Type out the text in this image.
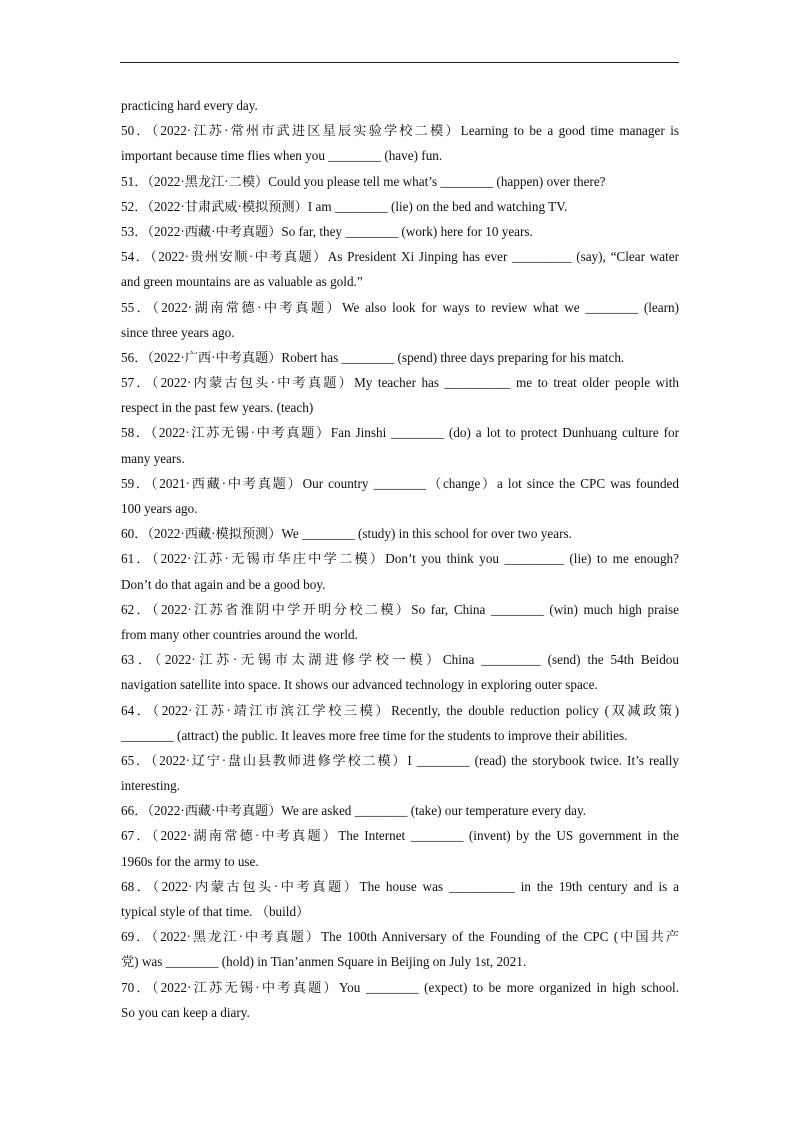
practicing hard every day.
50．（2022·江苏·常州市武进区星辰实验学校二模）Learning to be a good time manager is
important because time flies when you ________ (have) fun.
51．（2022·黑龙江·二模）Could you please tell me what’s ________ (happen) over there?
52．（2022·甘肃武威·模拟预测）I am ________ (lie) on the bed and watching TV.
53．（2022·西藏·中考真题）So far, they ________ (work) here for 10 years.
54．（2022·贵州安顺·中考真题）As President Xi Jinping has ever _________ (say), “Clear water
and green mountains are as valuable as gold.”
55．（2022·湖南常德·中考真题）We also look for ways to review what we ________ (learn)
since three years ago.
56．（2022·广西·中考真题）Robert has ________ (spend) three days preparing for his match.
57．（2022·内蒙古包头·中考真题）My teacher has __________ me to treat older people with
respect in the past few years. (teach)
58．（2022·江苏无锡·中考真题）Fan Jinshi ________ (do) a lot to protect Dunhuang culture for
many years.
59．（2021·西藏·中考真题）Our country ________（change）a lot since the CPC was founded
100 years ago.
60．（2022·西藏·模拟预测）We ________ (study) in this school for over two years.
61．（2022·江苏·无锡市华庄中学二模）Don’t you think you _________ (lie) to me enough?
Don’t do that again and be a good boy.
62．（2022·江苏省淮阴中学开明分校二模）So far, China ________ (win) much high praise
from many other countries around the world.
63．（2022·江苏·无锡市太湖进修学校一模）China _________ (send) the 54th Beidou
navigation satellite into space. It shows our advanced technology in exploring outer space.
64．（2022·江苏·靖江市滨江学校三模）Recently, the double reduction policy (双减政策)
________ (attract) the public. It leaves more free time for the students to improve their abilities.
65．（2022·辽宁·盘山县教师进修学校二模）I ________ (read) the storybook twice. It’s really
interesting.
66．（2022·西藏·中考真题）We are asked ________ (take) our temperature every day.
67．（2022·湖南常德·中考真题）The Internet ________ (invent) by the US government in the
1960s for the army to use.
68．（2022·内蒙古包头·中考真题）The house was __________ in the 19th century and is a
typical style of that time. （build）
69．（2022·黑龙江·中考真题）The 100th Anniversary of the Founding of the CPC (中国共产
党) was ________ (hold) in Tian’anmen Square in Beijing on July 1st, 2021.
70．（2022·江苏无锡·中考真题）You ________ (expect) to be more organized in high school.
So you can keep a diary.
